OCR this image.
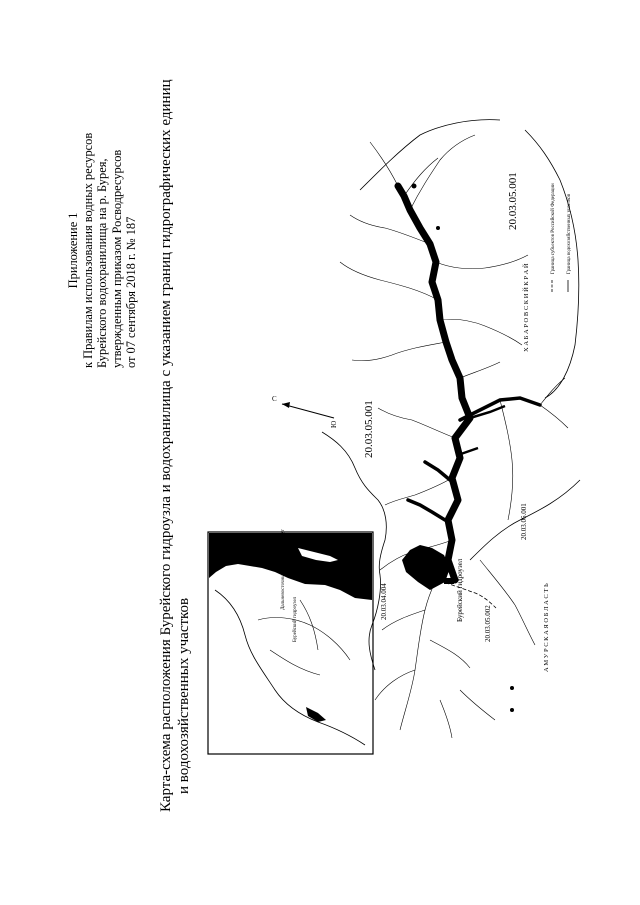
Приложение 1 к Правилам использования водных ресурсов Бурейского водохранилища на р. Бурея, утвержденным приказом Росводресурсов от 07 сентября 2018 г. № 187 Карта-схема расположения Бурейского гидроузла и водохранилища с указанием границ гидрографических единиц и водохозяйственных участков	Бурейский гидроузел
Дальневосточный федеральный округ
С
Ю 20.03.05.001
20.03.05.001
20.03.06.001
20.03.04.004
20.03.05.002
Х А Б А Р О В С К И Й К Р А Й
А М У Р С К А Я О Б Л А С Т Ь
Бурейский гидроузел
Граница субъектов Российской Федерации Граница водохозяйственных участков
